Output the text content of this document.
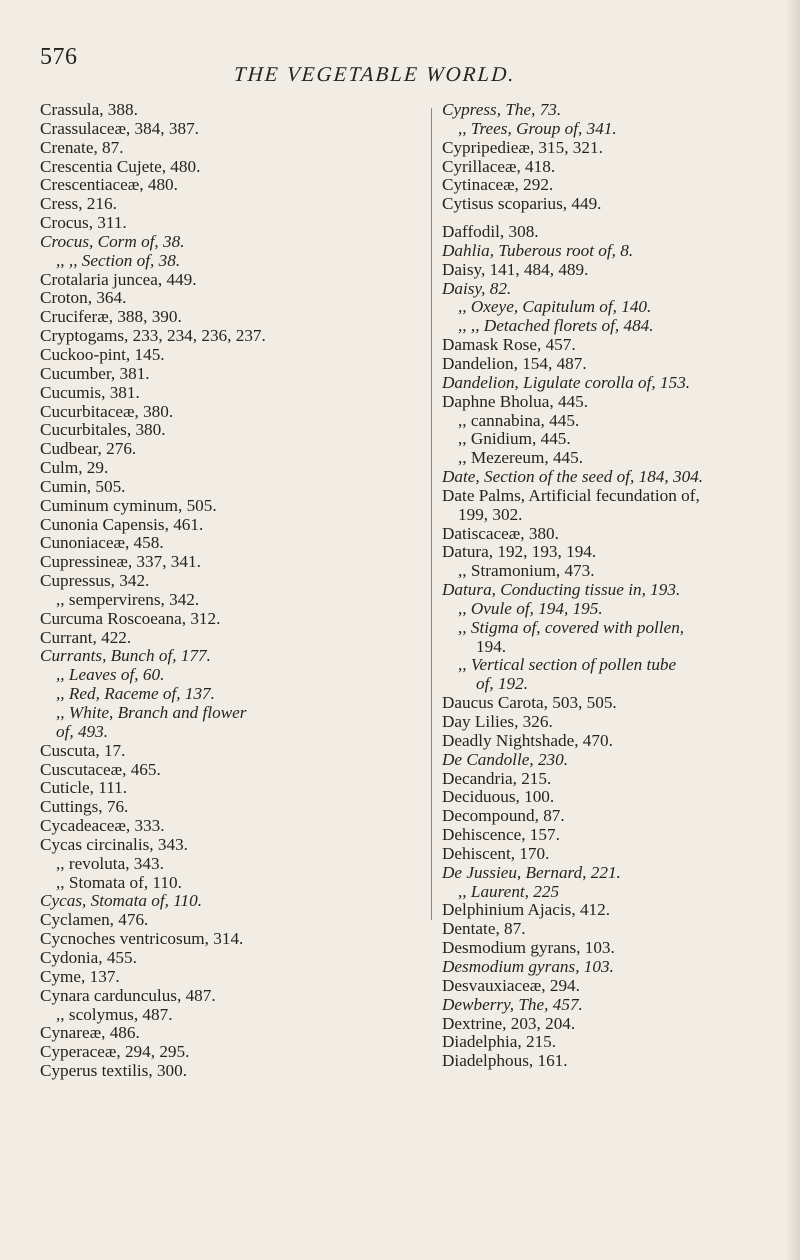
576
THE VEGETABLE WORLD.
Crassula, 388.
Crassulaceæ, 384, 387.
Crenate, 87.
Crescentia Cujete, 480.
Crescentiaceæ, 480.
Cress, 216.
Crocus, 311.
Crocus, Corm of, 38.
,, ,, Section of, 38.
Crotalaria juncea, 449.
Croton, 364.
Cruciferæ, 388, 390.
Cryptogams, 233, 234, 236, 237.
Cuckoo-pint, 145.
Cucumber, 381.
Cucumis, 381.
Cucurbitaceæ, 380.
Cucurbitales, 380.
Cudbear, 276.
Culm, 29.
Cumin, 505.
Cuminum cyminum, 505.
Cunonia Capensis, 461.
Cunoniaceæ, 458.
Cupressineæ, 337, 341.
Cupressus, 342.
,, sempervirens, 342.
Curcuma Roscoeana, 312.
Currant, 422.
Currants, Bunch of, 177.
,, Leaves of, 60.
,, Red, Raceme of, 137.
,, White, Branch and flower
of, 493.
Cuscuta, 17.
Cuscutaceæ, 465.
Cuticle, 111.
Cuttings, 76.
Cycadeaceæ, 333.
Cycas circinalis, 343.
,, revoluta, 343.
,, Stomata of, 110.
Cycas, Stomata of, 110.
Cyclamen, 476.
Cycnoches ventricosum, 314.
Cydonia, 455.
Cyme, 137.
Cynara cardunculus, 487.
,, scolymus, 487.
Cynareæ, 486.
Cyperaceæ, 294, 295.
Cyperus textilis, 300.
Cypress, The, 73.
,, Trees, Group of, 341.
Cypripedieæ, 315, 321.
Cyrillaceæ, 418.
Cytinaceæ, 292.
Cytisus scoparius, 449.
Daffodil, 308.
Dahlia, Tuberous root of, 8.
Daisy, 141, 484, 489.
Daisy, 82.
,, Oxeye, Capitulum of, 140.
,, ,, Detached florets of, 484.
Damask Rose, 457.
Dandelion, 154, 487.
Dandelion, Ligulate corolla of, 153.
Daphne Bholua, 445.
,, cannabina, 445.
,, Gnidium, 445.
,, Mezereum, 445.
Date, Section of the seed of, 184, 304.
Date Palms, Artificial fecundation of,
199, 302.
Datiscaceæ, 380.
Datura, 192, 193, 194.
,, Stramonium, 473.
Datura, Conducting tissue in, 193.
,, Ovule of, 194, 195.
,, Stigma of, covered with pollen,
194.
,, Vertical section of pollen tube
of, 192.
Daucus Carota, 503, 505.
Day Lilies, 326.
Deadly Nightshade, 470.
De Candolle, 230.
Decandria, 215.
Deciduous, 100.
Decompound, 87.
Dehiscence, 157.
Dehiscent, 170.
De Jussieu, Bernard, 221.
,, Laurent, 225
Delphinium Ajacis, 412.
Dentate, 87.
Desmodium gyrans, 103.
Desmodium gyrans, 103.
Desvauxiaceæ, 294.
Dewberry, The, 457.
Dextrine, 203, 204.
Diadelphia, 215.
Diadelphous, 161.
